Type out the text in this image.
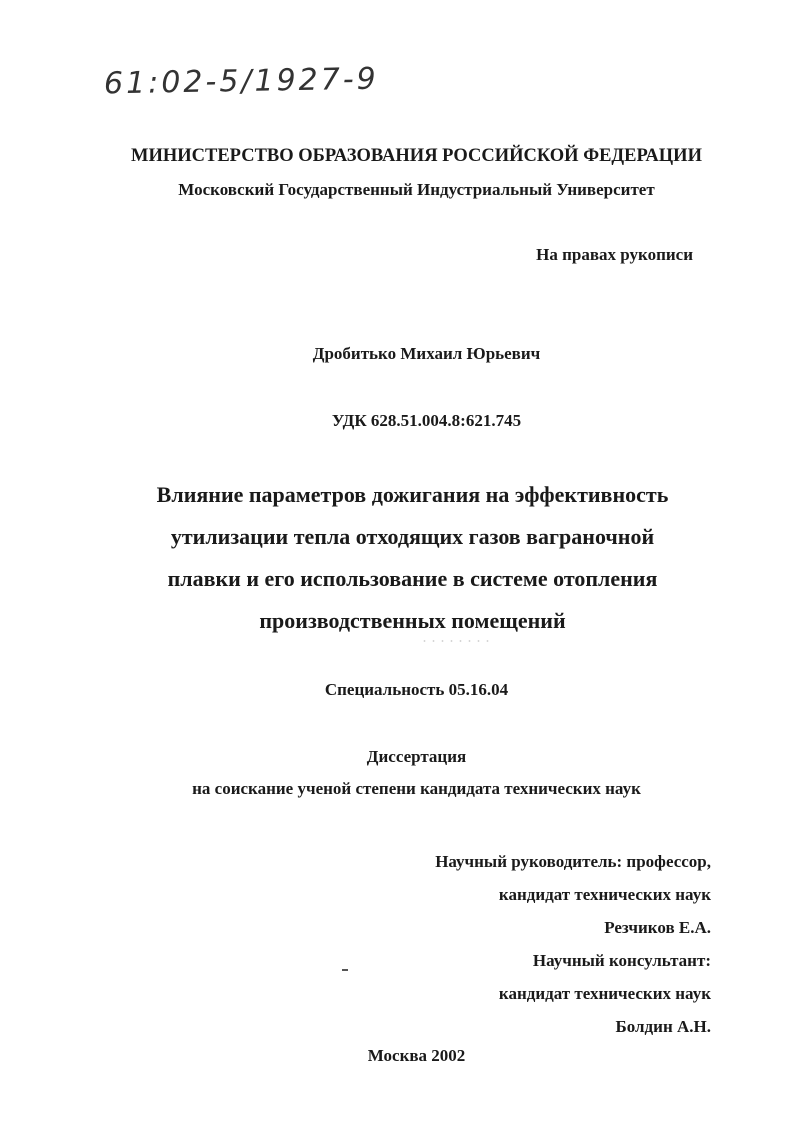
61:02-5/1927-9
МИНИСТЕРСТВО ОБРАЗОВАНИЯ РОССИЙСКОЙ ФЕДЕРАЦИИ
Московский Государственный Индустриальный Университет
На правах рукописи
Дробитько Михаил Юрьевич
УДК 628.51.004.8:621.745
Влияние параметров дожигания на эффективность
утилизации тепла отходящих газов ваграночной
плавки и его использование в системе отопления
производственных помещений
Специальность 05.16.04
Диссертация
на соискание ученой степени кандидата технических наук
Научный руководитель: профессор,
кандидат технических наук
Резчиков Е.А.
Научный консультант:
кандидат технических наук
Болдин А.Н.
Москва 2002
